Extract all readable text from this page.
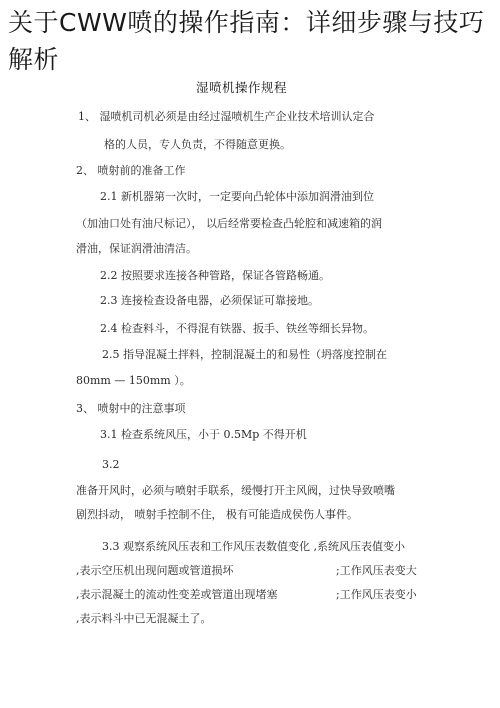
关于CWW喷的操作指南：详细步骤与技巧解析
湿喷机操作规程
1、 湿喷机司机必须是由经过湿喷机生产企业技术培训认定合
格的人员，专人负责，不得随意更换。
2、 喷射前的准备工作
2.1 新机器第一次时，一定要向凸轮体中添加润滑油到位
（加油口处有油尺标记）， 以后经常要检查凸轮腔和减速箱的润
滑油，保证润滑油清洁。
2.2 按照要求连接各种管路，保证各管路畅通。
2.3 连接检查设备电器，必须保证可靠接地。
2.4 检查料斗，不得混有铁器、扳手、铁丝等细长异物。
2.5 指导混凝土拌料，控制混凝土的和易性（坍落度控制在
80mm — 150mm ）。
3、 喷射中的注意事项
3.1 检查系统风压，小于 0.5Mp 不得开机
3.2
准备开风时，必须与喷射手联系，缓慢打开主风阀，过快导致喷嘴
剧烈抖动， 喷射手控制不住， 极有可能造成侯伤人事件。
3.3 观察系统风压表和工作风压表数值变化 ,系统风压表值变小
,表示空压机出现问题或管道损坏	;工作风压表变大
,表示混凝土的流动性变差或管道出现堵塞	;工作风压表变小
,表示料斗中已无混凝土了。
